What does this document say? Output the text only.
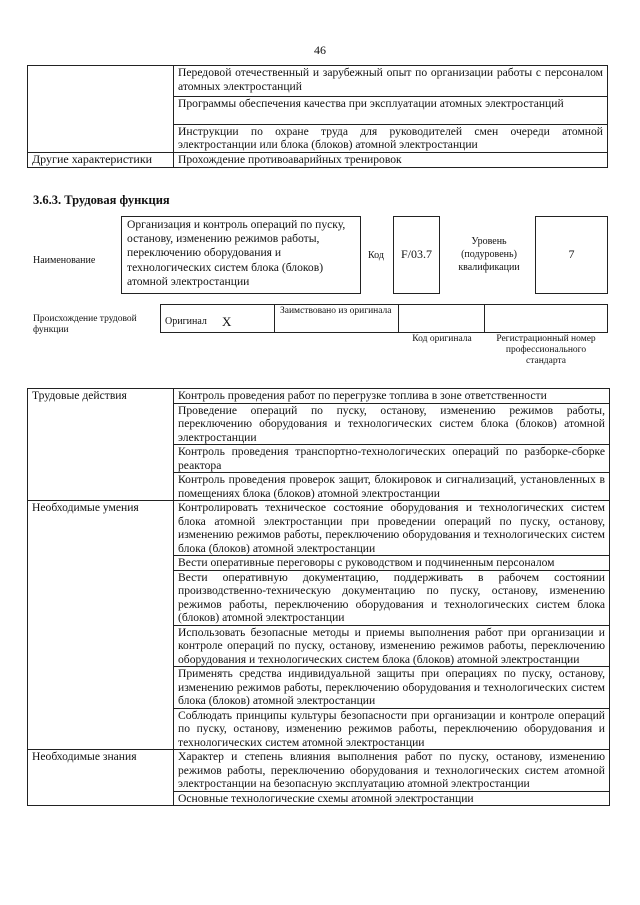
46
	Передовой отечественный и зарубежный опыт по организации работы с персоналом атомных электростанций
	Программы обеспечения качества при эксплуатации атомных электростанций
	Инструкции по охране труда для руководителей смен очереди атомной электростанции или блока (блоков) атомной электростанции
Другие характеристики	Прохождение противоаварийных тренировок
3.6.3. Трудовая функция
Наименование
Организация и контроль операций по пуску, останову, изменению режимов работы, переключению оборудования и технологических систем блока (блоков) атомной электростанции
Код	F/03.7
Уровень (подуровень) квалификации
7
Происхождение трудовой функции
Оригинал X
Заимствовано из оригинала
Код оригинала	Регистрационный номер профессионального стандарта
Трудовые действия	Контроль проведения работ по перегрузке топлива в зоне ответственности
	Проведение операций по пуску, останову, изменению режимов работы, переключению оборудования и технологических систем блока (блоков) атомной электростанции
	Контроль проведения транспортно-технологических операций по разборке-сборке реактора
	Контроль проведения проверок защит, блокировок и сигнализаций, установленных в помещениях блока (блоков) атомной электростанции
Необходимые умения	Контролировать техническое состояние оборудования и технологических систем блока атомной электростанции при проведении операций по пуску, останову, изменению режимов работы, переключению оборудования и технологических систем блока (блоков) атомной электростанции
	Вести оперативные переговоры с руководством и подчиненным персоналом
	Вести оперативную документацию, поддерживать в рабочем состоянии производственно-техническую документацию по пуску, останову, изменению режимов работы, переключению оборудования и технологических систем блока (блоков) атомной электростанции
	Использовать безопасные методы и приемы выполнения работ при организации и контроле операций по пуску, останову, изменению режимов работы, переключению оборудования и технологических систем блока (блоков) атомной электростанции
	Применять средства индивидуальной защиты при операциях по пуску, останову, изменению режимов работы, переключению оборудования и технологических систем блока (блоков) атомной электростанции
	Соблюдать принципы культуры безопасности при организации и контроле операций по пуску, останову, изменению режимов работы, переключению оборудования и технологических систем атомной электростанции
Необходимые знания	Характер и степень влияния выполнения работ по пуску, останову, изменению режимов работы, переключению оборудования и технологических систем атомной электростанции на безопасную эксплуатацию атомной электростанции
	Основные технологические схемы атомной электростанции
